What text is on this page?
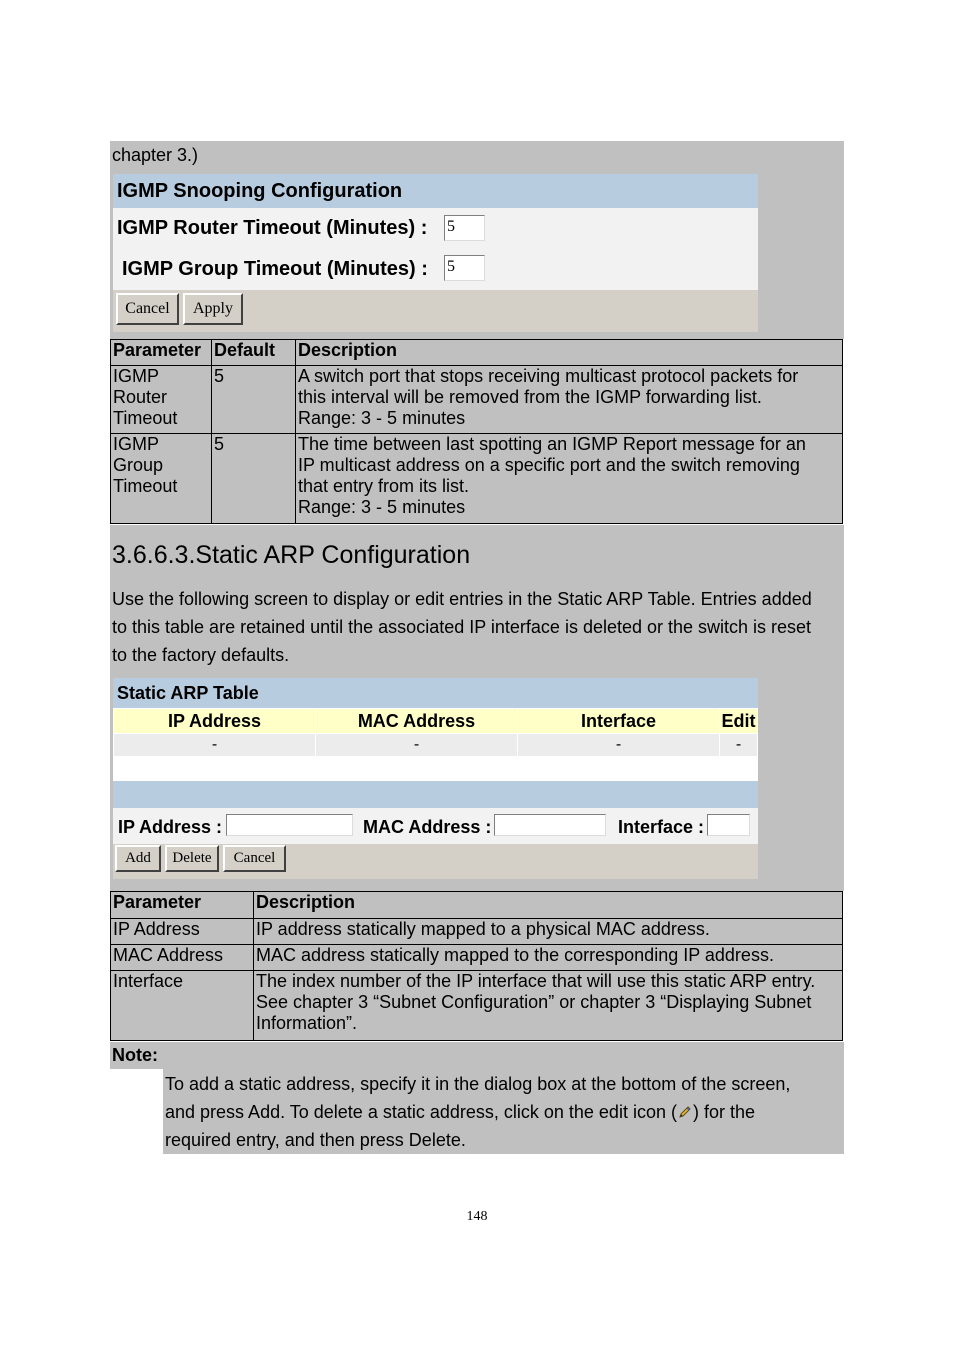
chapter 3.)
IGMP Snooping Configuration
IGMP Router Timeout (Minutes) : 5
IGMP Group Timeout (Minutes) : 5
Cancel	Apply
Parameter	Default	Description
IGMP Router Timeout	5	A switch port that stops receiving multicast protocol packets for
this interval will be removed from the IGMP forwarding list.
Range: 3 - 5 minutes

IGMP Group Timeout	5	The time between last spotting an IGMP Report message for an
IP multicast address on a specific port and the switch removing
that entry from its list.
Range: 3 - 5 minutes
3.6.6.3.Static ARP Configuration
Use the following screen to display or edit entries in the Static ARP Table. Entries added
to this table are retained until the associated IP interface is deleted or the switch is reset
to the factory defaults.
Static ARP Table
IP Address	MAC Address	Interface	Edit
-	-	-	-
IP Address :	MAC Address :	Interface :
Add	Delete	Cancel
Parameter	Description
IP Address	IP address statically mapped to a physical MAC address.
MAC Address	MAC address statically mapped to the corresponding IP address.
Interface	The index number of the IP interface that will use this static ARP entry.
See chapter 3 “Subnet Configuration” or chapter 3 “Displaying Subnet
Information”.
Note:
To add a static address, specify it in the dialog box at the bottom of the screen,
and press Add. To delete a static address, click on the edit icon ( ) for the
required entry, and then press Delete.
148
